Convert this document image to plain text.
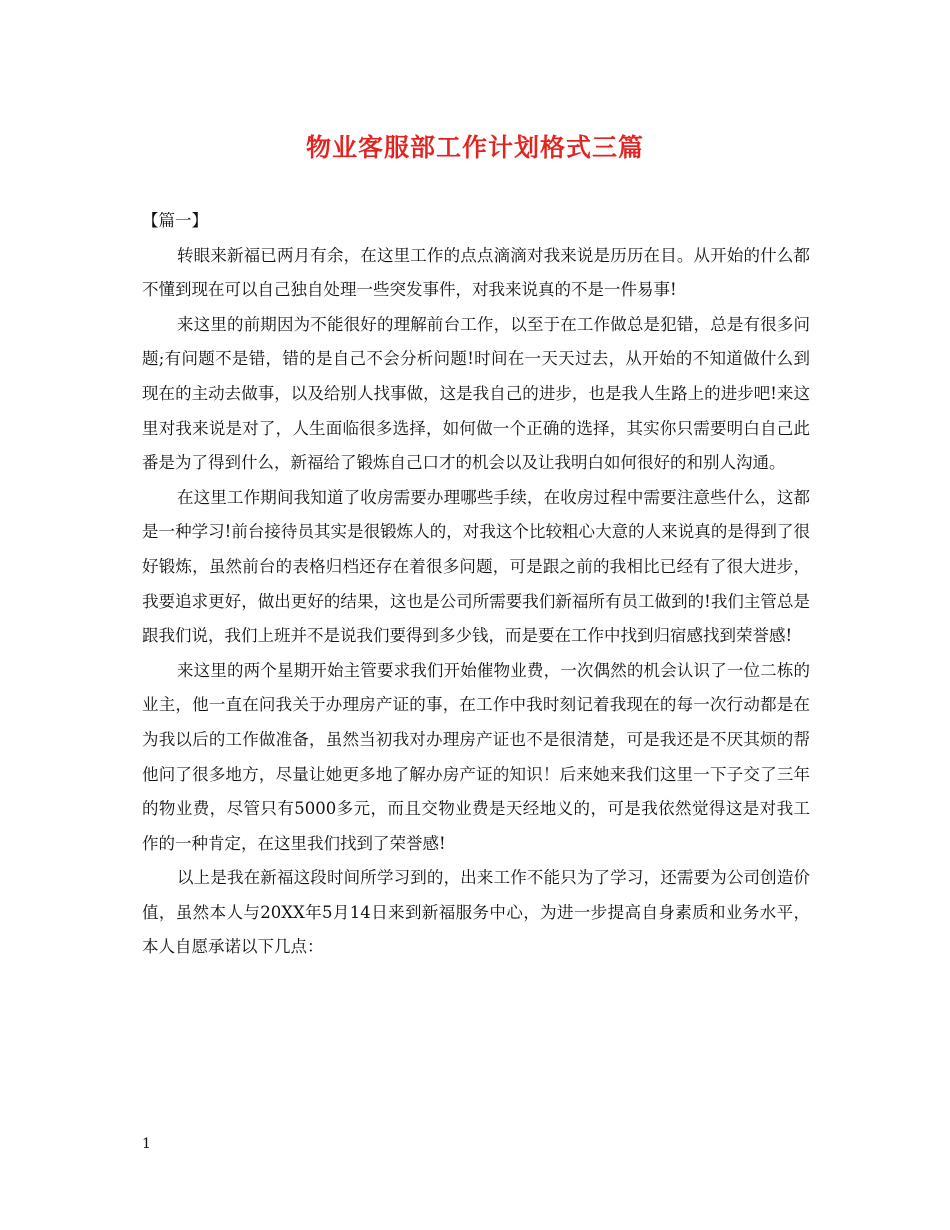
物业客服部工作计划格式三篇

【篇一】

转眼来新福已两月有余，在这里工作的点点滴滴对我来说是历历在目。从开始的什么都不懂到现在可以自己独自处理一些突发事件，对我来说真的不是一件易事!

来这里的前期因为不能很好的理解前台工作，以至于在工作做总是犯错，总是有很多问题;有问题不是错，错的是自己不会分析问题!时间在一天天过去，从开始的不知道做什么到现在的主动去做事，以及给别人找事做，这是我自己的进步，也是我人生路上的进步吧!来这里对我来说是对了，人生面临很多选择，如何做一个正确的选择，其实你只需要明白自己此番是为了得到什么，新福给了锻炼自己口才的机会以及让我明白如何很好的和别人沟通。

在这里工作期间我知道了收房需要办理哪些手续，在收房过程中需要注意些什么，这都是一种学习!前台接待员其实是很锻炼人的，对我这个比较粗心大意的人来说真的是得到了很好锻炼，虽然前台的表格归档还存在着很多问题，可是跟之前的我相比已经有了很大进步，我要追求更好，做出更好的结果，这也是公司所需要我们新福所有员工做到的!我们主管总是跟我们说，我们上班并不是说我们要得到多少钱，而是要在工作中找到归宿感找到荣誉感!

来这里的两个星期开始主管要求我们开始催物业费，一次偶然的机会认识了一位二栋的业主，他一直在问我关于办理房产证的事，在工作中我时刻记着我现在的每一次行动都是在为我以后的工作做准备，虽然当初我对办理房产证也不是很清楚，可是我还是不厌其烦的帮他问了很多地方，尽量让她更多地了解办房产证的知识！后来她来我们这里一下子交了三年的物业费，尽管只有5000多元，而且交物业费是天经地义的，可是我依然觉得这是对我工作的一种肯定，在这里我们找到了荣誉感!

以上是我在新福这段时间所学习到的，出来工作不能只为了学习，还需要为公司创造价值，虽然本人与20XX年5月14日来到新福服务中心，为进一步提高自身素质和业务水平，本人自愿承诺以下几点：

1
